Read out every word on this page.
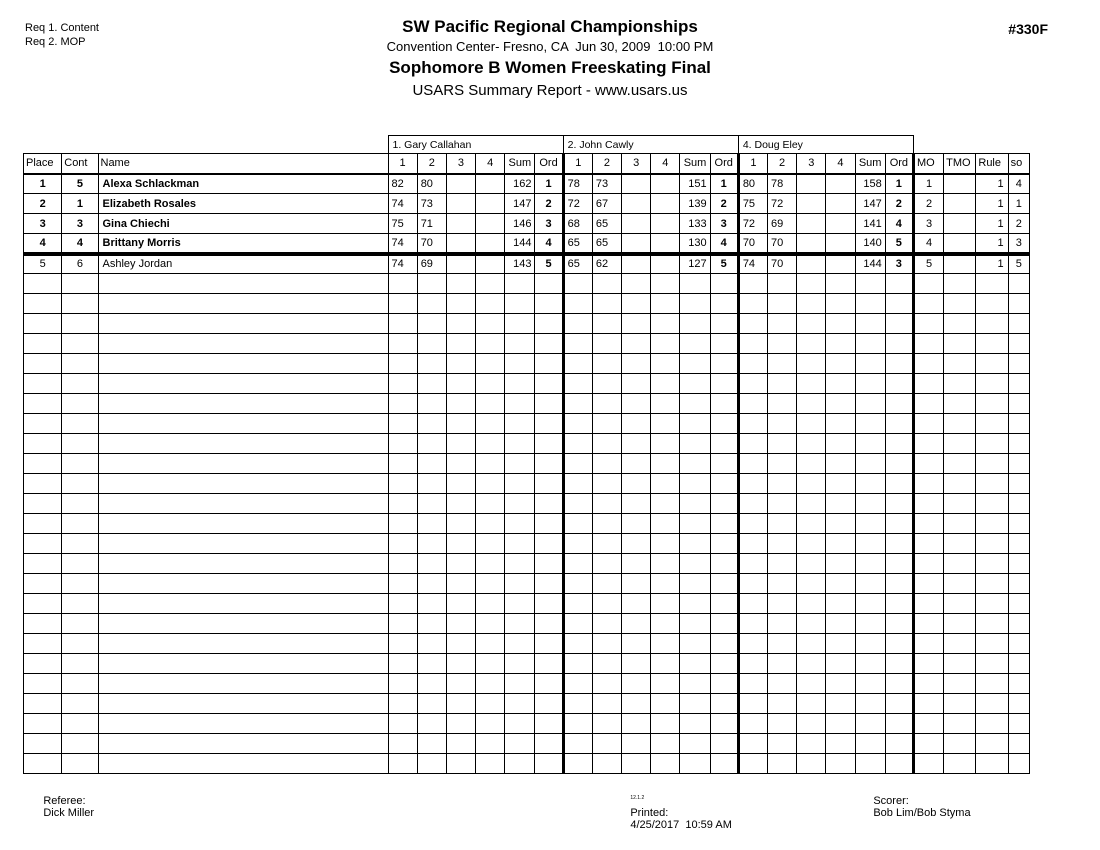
Req 1. Content
Req 2. MOP
SW Pacific Regional Championships
Convention Center- Fresno, CA  Jun 30, 2009  10:00 PM
Sophomore B Women Freeskating Final
USARS Summary Report - www.usars.us
#330F
			1. Gary Callahan						2. John Cawly						4. Doug Eley									
Place	Cont	Name	1	2	3	4	Sum	Ord	1	2	3	4	Sum	Ord	1	2	3	4	Sum	Ord	MO	TMO	Rule	so
1	5	Alexa Schlackman	82	80			162	1	78	73			151	1	80	78			158	1	1		1	4
2	1	Elizabeth Rosales	74	73			147	2	72	67			139	2	75	72			147	2	2		1	1
3	3	Gina Chiechi	75	71			146	3	68	65			133	3	72	69			141	4	3		1	2
4	4	Brittany Morris	74	70			144	4	65	65			130	4	70	70			140	5	4		1	3
5	6	Ashley Jordan	74	69			143	5	65	62			127	5	74	70			144	3	5		1	5

Referee:
Dick Miller

$^{12.1.2}$
Printed:
4/25/2017  10:59 AM

Scorer:
Bob Lim/Bob Styma
